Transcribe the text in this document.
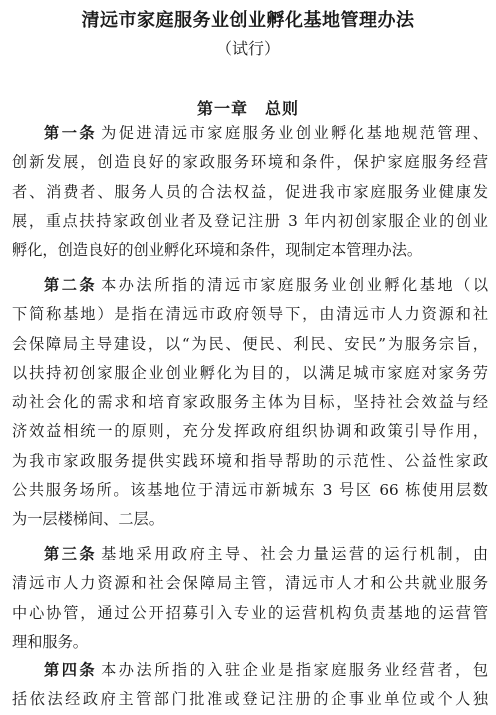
清远市家庭服务业创业孵化基地管理办法
（试行）
第一章　总则
第一条 为促进清远市家庭服务业创业孵化基地规范管理、
创新发展，创造良好的家政服务环境和条件，保护家庭服务经营
者、消费者、服务人员的合法权益，促进我市家庭服务业健康发
展，重点扶持家政创业者及登记注册 3 年内初创家服企业的创业
孵化，创造良好的创业孵化环境和条件，现制定本管理办法。
第二条 本办法所指的清远市家庭服务业创业孵化基地（以
下简称基地）是指在清远市政府领导下，由清远市人力资源和社
会保障局主导建设，以“为民、便民、利民、安民”为服务宗旨，
以扶持初创家服企业创业孵化为目的，以满足城市家庭对家务劳
动社会化的需求和培育家政服务主体为目标，坚持社会效益与经
济效益相统一的原则，充分发挥政府组织协调和政策引导作用，
为我市家政服务提供实践环境和指导帮助的示范性、公益性家政
公共服务场所。该基地位于清远市新城东 3 号区 66 栋使用层数
为一层楼梯间、二层。
第三条 基地采用政府主导、社会力量运营的运行机制，由
清远市人力资源和社会保障局主管，清远市人才和公共就业服务
中心协管，通过公开招募引入专业的运营机构负责基地的运营管
理和服务。
第四条 本办法所指的入驻企业是指家庭服务业经营者，包
括依法经政府主管部门批准或登记注册的企事业单位或个人独
